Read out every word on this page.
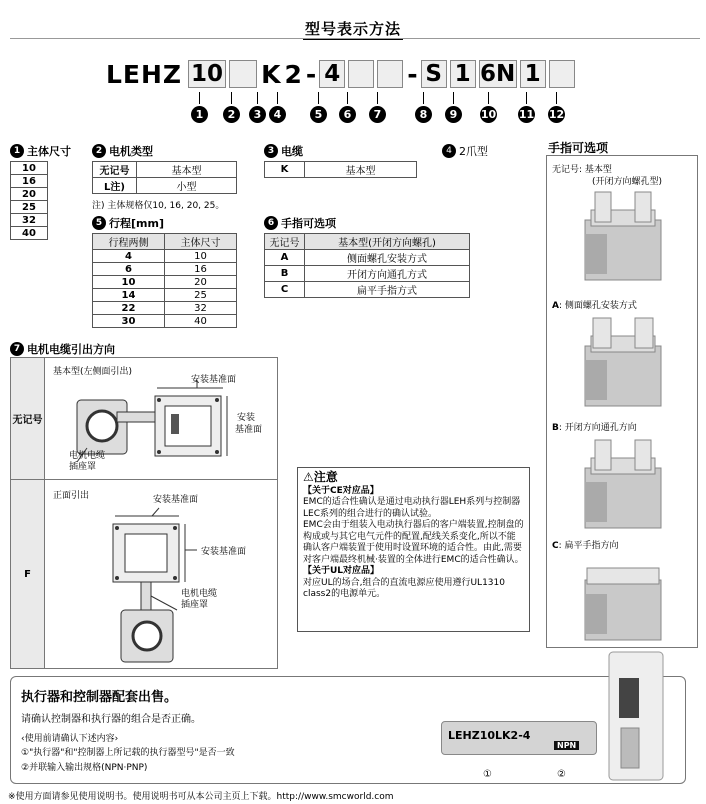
型号表示方法
LEHZ 10 K 2 - 4	- S 1 6N 1
1	2	3	4	5	6	7	8	9	10 11 12
1 主体尺寸
10
16
20
25
32
40
2 电机类型
无记号	基本型
L注)	小型
注) 主体规格仅10, 16, 20, 25。
3 电缆
K	基本型
4 2爪型
5 行程[mm]
行程两侧	主体尺寸
4	10
6	16
10	20
14	25
22	32
30	40
6 手指可选项
无记号	基本型(开闭方向螺孔)
A	侧面螺孔安装方式
B	开闭方向通孔方式
C	扁平手指方式
7 电机电缆引出方向
无记号
基本型(左侧面引出)
安装基准面
安装
基准面
电机电缆
插座罩
F
正面引出	安装基准面
安装基准面
电机电缆
插座罩
⚠注意
【关于CE对应品】
EMC的适合性确认是通过电动执行器LEH系列与控制器LEC系列的组合进行的确认试验。
EMC会由于组装入电动执行器后的客户端装置,控制盘的构成或与其它电气元件的配置,配线关系变化,所以不能确认客户端装置于使用时设置环境的适合性。由此,需要对客户端最终机械·装置的全体进行EMC的适合性确认。
【关于UL对应品】
对应UL的场合,组合的直流电源应使用遵行UL1310 class2的电源单元。
手指可选项
无记号: 基本型
(开闭方向螺孔型)
A: 侧面螺孔安装方式
B: 开闭方向通孔方向
C: 扁平手指方向
执行器和控制器配套出售。
请确认控制器和执行器的组合是否正确。
‹使用前请确认下述内容›
①"执行器"和"控制器上所记载的执行器型号"是否一致
②并联输入输出规格(NPN·PNP)
LEHZ10LK2-4
NPN
①	②
※使用方面请参见使用说明书。使用说明书可从本公司主页上下载。http://www.smcworld.com
